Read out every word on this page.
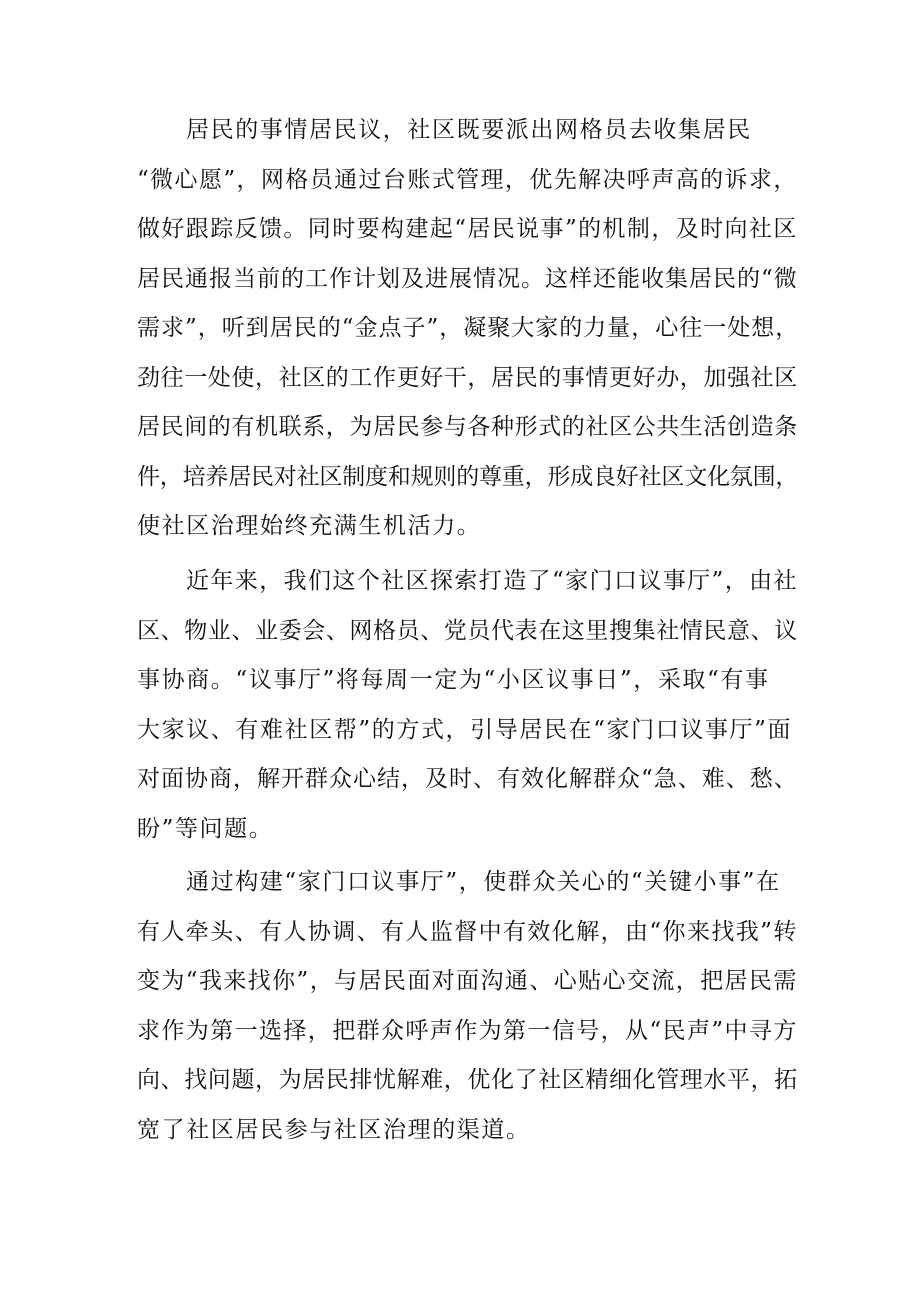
居民的事情居民议，社区既要派出网格员去收集居民
“微心愿”，网格员通过台账式管理，优先解决呼声高的诉求，
做好跟踪反馈。同时要构建起“居民说事”的机制，及时向社区
居民通报当前的工作计划及进展情况。这样还能收集居民的“微
需求”，听到居民的“金点子”，凝聚大家的力量，心往一处想，
劲往一处使，社区的工作更好干，居民的事情更好办，加强社区
居民间的有机联系，为居民参与各种形式的社区公共生活创造条
件，培养居民对社区制度和规则的尊重，形成良好社区文化氛围，
使社区治理始终充满生机活力。
近年来，我们这个社区探索打造了“家门口议事厅”，由社
区、物业、业委会、网格员、党员代表在这里搜集社情民意、议
事协商。“议事厅”将每周一定为“小区议事日”，采取“有事
大家议、有难社区帮”的方式，引导居民在“家门口议事厅”面
对面协商，解开群众心结，及时、有效化解群众“急、难、愁、
盼”等问题。
通过构建“家门口议事厅”，使群众关心的“关键小事”在
有人牵头、有人协调、有人监督中有效化解，由“你来找我”转
变为“我来找你”，与居民面对面沟通、心贴心交流，把居民需
求作为第一选择，把群众呼声作为第一信号，从“民声”中寻方
向、找问题，为居民排忧解难，优化了社区精细化管理水平，拓
宽了社区居民参与社区治理的渠道。
